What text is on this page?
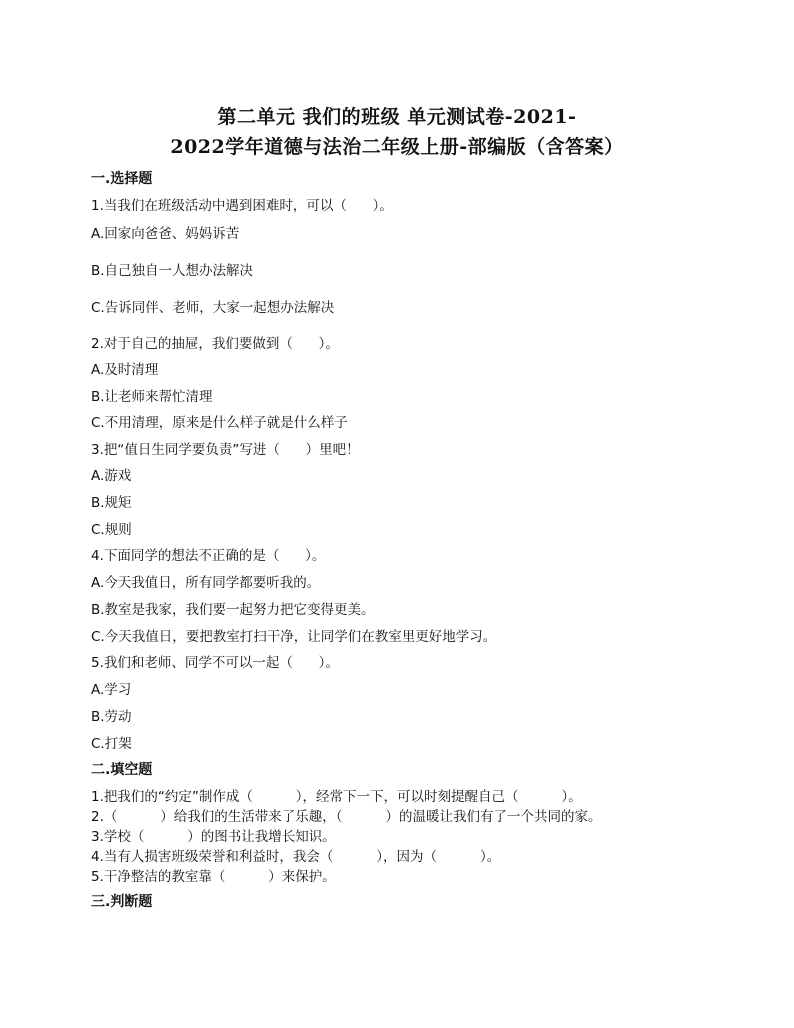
第二单元 我们的班级 单元测试卷-2021-
2022学年道德与法治二年级上册-部编版（含答案）
一.选择题
1.当我们在班级活动中遇到困难时，可以（      ）。
A.回家向爸爸、妈妈诉苦
B.自己独自一人想办法解决
C.告诉同伴、老师，大家一起想办法解决
2.对于自己的抽屉，我们要做到（      ）。
A.及时清理
B.让老师来帮忙清理
C.不用清理，原来是什么样子就是什么样子
3.把“值日生同学要负责”写进（      ）里吧！
A.游戏
B.规矩
C.规则
4.下面同学的想法不正确的是（      ）。
A.今天我值日，所有同学都要听我的。
B.教室是我家，我们要一起努力把它变得更美。
C.今天我值日，要把教室打扫干净，让同学们在教室里更好地学习。
5.我们和老师、同学不可以一起（      ）。
A.学习
B.劳动
C.打架
二.填空题
1.把我们的“约定”制作成（          ），经常下一下，可以时刻提醒自己（          ）。
2.（          ）给我们的生活带来了乐趣，（          ）的温暖让我们有了一个共同的家。
3.学校（          ）的图书让我增长知识。
4.当有人损害班级荣誉和利益时，我会（          ），因为（          ）。
5.干净整洁的教室靠（          ）来保护。
三.判断题
